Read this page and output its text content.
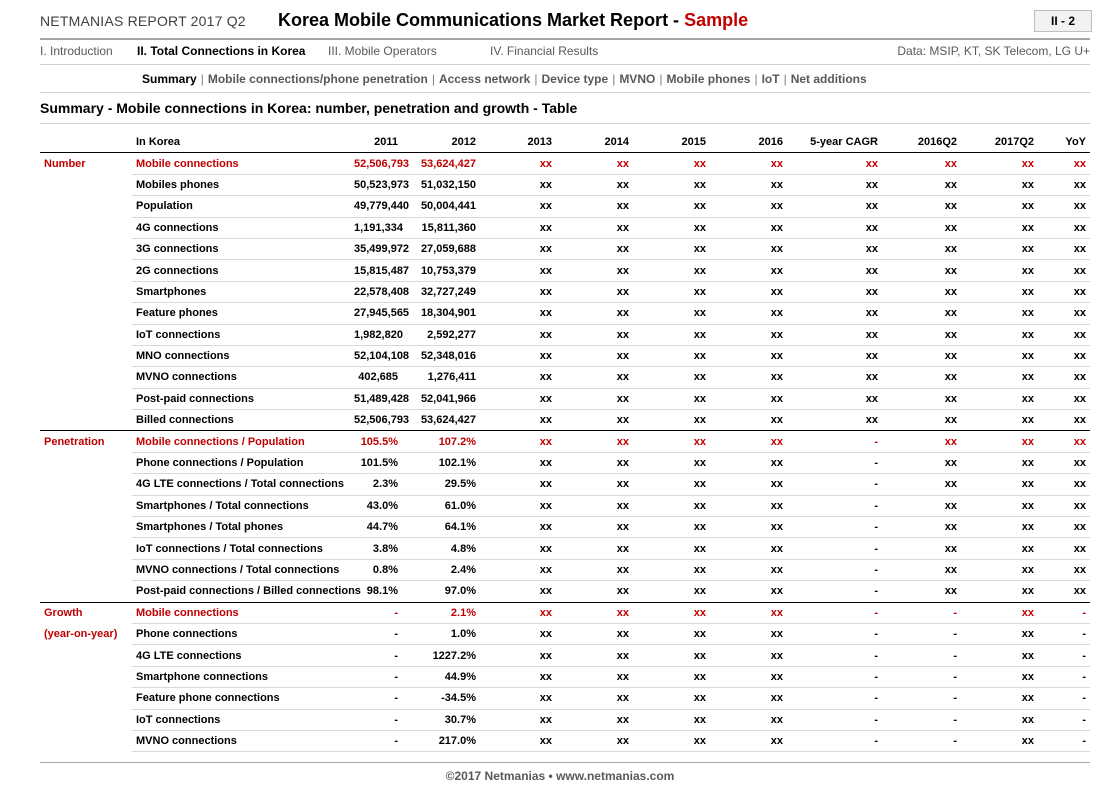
NETMANIAS REPORT 2017 Q2 Korea Mobile Communications Market Report - Sample	II - 2
I. Introduction II. Total Connections in Korea III. Mobile Operators	IV. Financial Results	Data: MSIP, KT, SK Telecom, LG U+
Summary | Mobile connections/phone penetration | Access network | Device type | MVNO | Mobile phones | IoT | Net additions
Summary - Mobile connections in Korea: number, penetration and growth - Table
	In Korea	2011	2012	2013	2014	2015	2016	5-year CAGR	2016Q2	2017Q2	YoY
Number	Mobile connections	52,506,793	53,624,427	xx	xx	xx	xx	xx	xx	xx	xx
	Mobiles phones	50,523,973	51,032,150	xx	xx	xx	xx	xx	xx	xx	xx
	Population	49,779,440	50,004,441	xx	xx	xx	xx	xx	xx	xx	xx
	4G connections	1,191,334	15,811,360	xx	xx	xx	xx	xx	xx	xx	xx
	3G connections	35,499,972	27,059,688	xx	xx	xx	xx	xx	xx	xx	xx
	2G connections	15,815,487	10,753,379	xx	xx	xx	xx	xx	xx	xx	xx
	Smartphones	22,578,408	32,727,249	xx	xx	xx	xx	xx	xx	xx	xx
	Feature phones	27,945,565	18,304,901	xx	xx	xx	xx	xx	xx	xx	xx
	IoT connections	1,982,820	2,592,277	xx	xx	xx	xx	xx	xx	xx	xx
	MNO connections	52,104,108	52,348,016	xx	xx	xx	xx	xx	xx	xx	xx
	MVNO connections	402,685	1,276,411	xx	xx	xx	xx	xx	xx	xx	xx
	Post-paid connections	51,489,428	52,041,966	xx	xx	xx	xx	xx	xx	xx	xx
	Billed connections	52,506,793	53,624,427	xx	xx	xx	xx	xx	xx	xx	xx
Penetration	Mobile connections / Population	105.5%	107.2%	xx	xx	xx	xx	-	xx	xx	xx
	Phone connections / Population	101.5%	102.1%	xx	xx	xx	xx	-	xx	xx	xx
	4G LTE connections / Total connections	2.3%	29.5%	xx	xx	xx	xx	-	xx	xx	xx
	Smartphones / Total connections	43.0%	61.0%	xx	xx	xx	xx	-	xx	xx	xx
	Smartphones / Total phones	44.7%	64.1%	xx	xx	xx	xx	-	xx	xx	xx
	IoT connections / Total connections	3.8%	4.8%	xx	xx	xx	xx	-	xx	xx	xx
	MVNO connections / Total connections	0.8%	2.4%	xx	xx	xx	xx	-	xx	xx	xx
	Post-paid connections / Billed connections	98.1%	97.0%	xx	xx	xx	xx	-	xx	xx	xx
Growth	Mobile connections	-	2.1%	xx	xx	xx	xx	-	-	xx	-
(year-on-year)	Phone connections	-	1.0%	xx	xx	xx	xx	-	-	xx	-
	4G LTE connections	-	1227.2%	xx	xx	xx	xx	-	-	xx	-
	Smartphone connections	-	44.9%	xx	xx	xx	xx	-	-	xx	-
	Feature phone connections	-	-34.5%	xx	xx	xx	xx	-	-	xx	-
	IoT connections	-	30.7%	xx	xx	xx	xx	-	-	xx	-
	MVNO connections	-	217.0%	xx	xx	xx	xx	-	-	xx	-
©2017 Netmanias • www.netmanias.com
